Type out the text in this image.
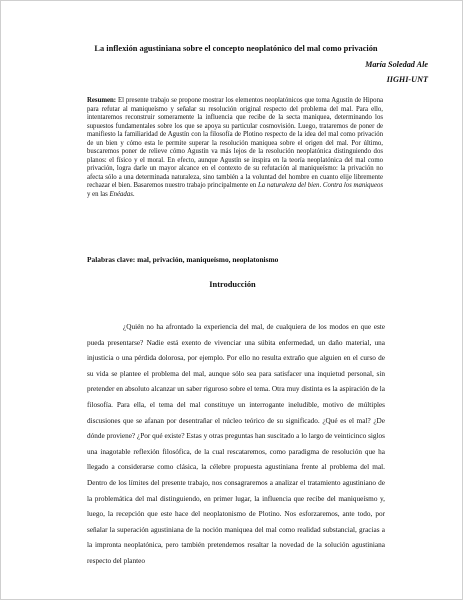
La inflexión agustiniana sobre el concepto neoplatónico del mal como privación
María Soledad Ale
IIGHI-UNT
Resumen: El presente trabajo se propone mostrar los elementos neoplatónicos que toma Agustín de Hipona para refutar al maniqueísmo y señalar su resolución original respecto del problema del mal. Para ello, intentaremos reconstruir someramente la influencia que recibe de la secta maniquea, determinando los supuestos fundamentales sobre los que se apoya su particular cosmovisión. Luego, trataremos de poner de manifiesto la familiaridad de Agustín con la filosofía de Plotino respecto de la idea del mal como privación de un bien y cómo esta le permite superar la resolución maniquea sobre el origen del mal. Por último, buscaremos poner de relieve cómo Agustín va más lejos de la resolución neoplatónica distinguiendo dos planos: el físico y el moral. En efecto, aunque Agustín se inspira en la teoría neoplatónica del mal como privación, logra darle un mayor alcance en el contexto de su refutación al maniqueísmo: la privación no afecta sólo a una determinada naturaleza, sino también a la voluntad del hombre en cuanto elije libremente rechazar el bien. Basaremos nuestro trabajo principalmente en La naturaleza del bien. Contra los maniqueos y en las Enéadas.
Palabras clave: mal, privación, maniqueísmo, neoplatonismo
Introducción
¿Quién no ha afrontado la experiencia del mal, de cualquiera de los modos en que este pueda presentarse? Nadie está exento de vivenciar una súbita enfermedad, un daño material, una injusticia o una pérdida dolorosa, por ejemplo. Por ello no resulta extraño que alguien en el curso de su vida se plantee el problema del mal, aunque sólo sea para satisfacer una inquietud personal, sin pretender en absoluto alcanzar un saber riguroso sobre el tema. Otra muy distinta es la aspiración de la filosofía. Para ella, el tema del mal constituye un interrogante ineludible, motivo de múltiples discusiones que se afanan por desentrañar el núcleo teórico de su significado. ¿Qué es el mal? ¿De dónde proviene? ¿Por qué existe? Estas y otras preguntas han suscitado a lo largo de veinticinco siglos una inagotable reflexión filosófica, de la cual rescataremos, como paradigma de resolución que ha llegado a considerarse como clásica, la célebre propuesta agustiniana frente al problema del mal. Dentro de los límites del presente trabajo, nos consagraremos a analizar el tratamiento agustiniano de la problemática del mal distinguiendo, en primer lugar, la influencia que recibe del maniqueísmo y, luego, la recepción que este hace del neoplatonismo de Plotino. Nos esforzaremos, ante todo, por señalar la superación agustiniana de la noción maniquea del mal como realidad substancial, gracias a la impronta neoplatónica, pero también pretendemos resaltar la novedad de la solución agustiniana respecto del planteo
